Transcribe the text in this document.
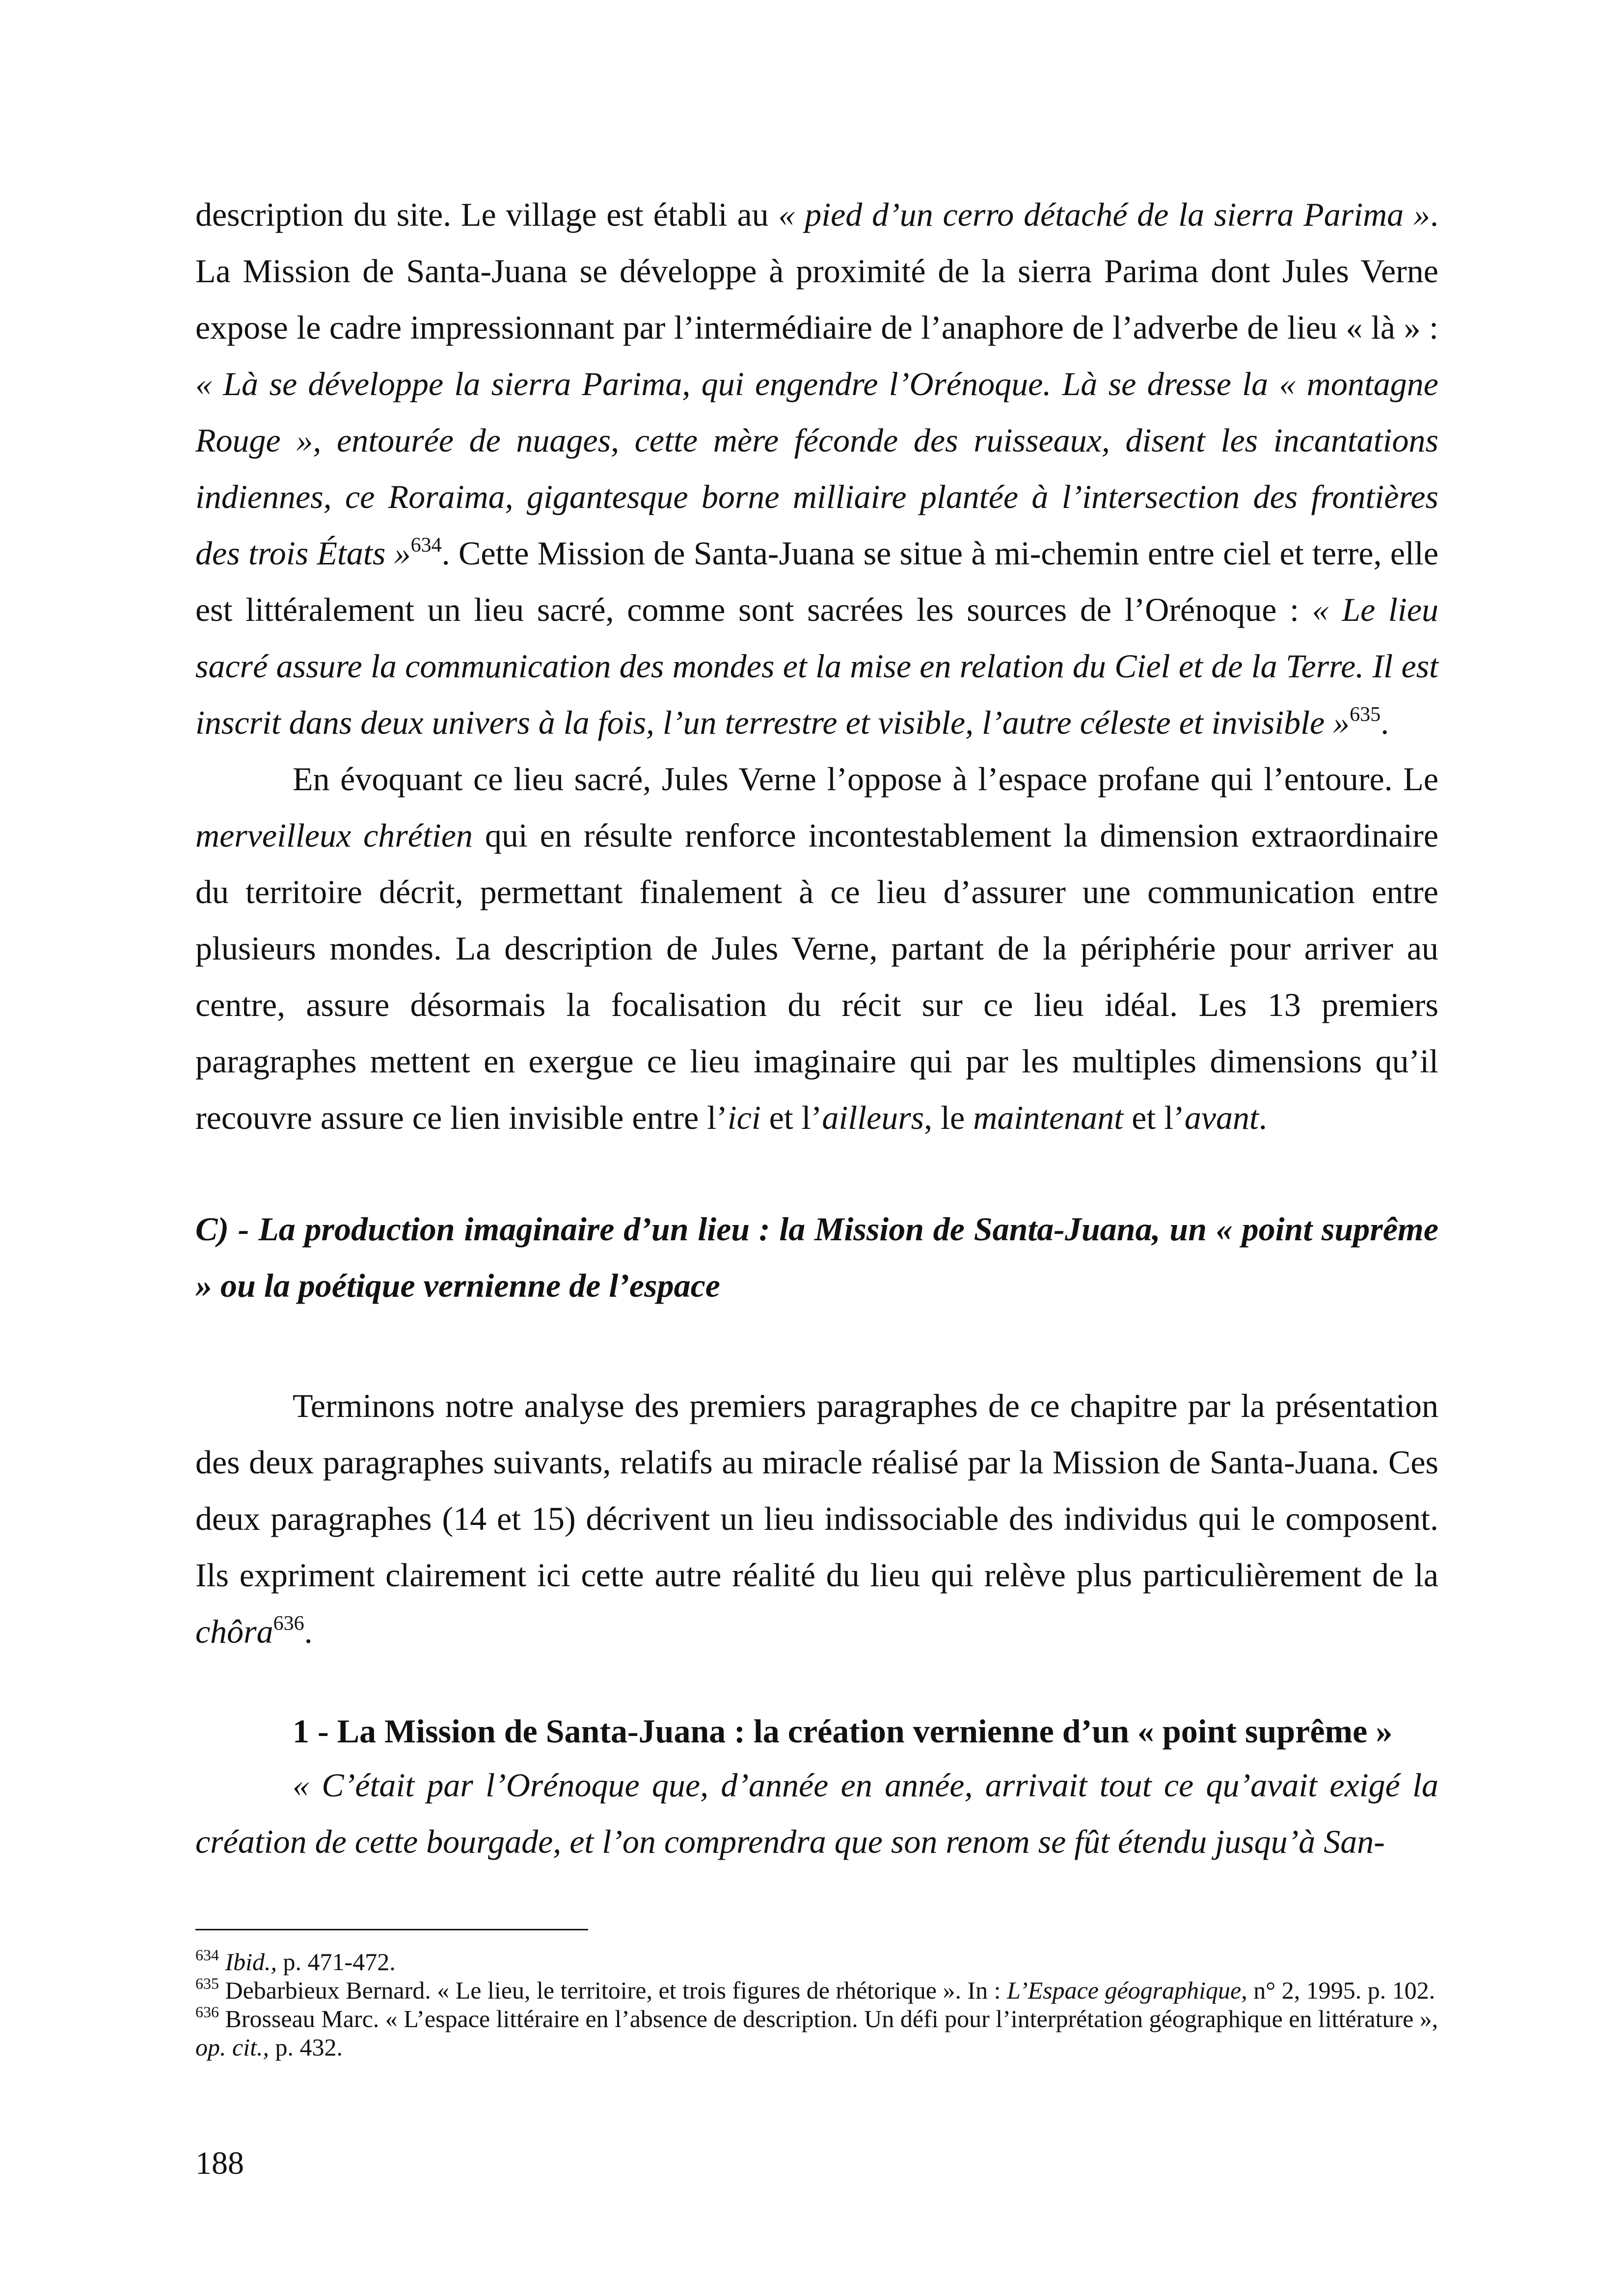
description du site. Le village est établi au « pied d’un cerro détaché de la sierra Parima ». La Mission de Santa-Juana se développe à proximité de la sierra Parima dont Jules Verne expose le cadre impressionnant par l’intermédiaire de l’anaphore de l’adverbe de lieu « là » : « Là se développe la sierra Parima, qui engendre l’Orénoque. Là se dresse la « montagne Rouge », entourée de nuages, cette mère féconde des ruisseaux, disent les incantations indiennes, ce Roraima, gigantesque borne milliaire plantée à l’intersection des frontières des trois États »$^{634}$. Cette Mission de Santa-Juana se situe à mi-chemin entre ciel et terre, elle est littéralement un lieu sacré, comme sont sacrées les sources de l’Orénoque : « Le lieu sacré assure la communication des mondes et la mise en relation du Ciel et de la Terre. Il est inscrit dans deux univers à la fois, l’un terrestre et visible, l’autre céleste et invisible »$^{635}$.

En évoquant ce lieu sacré, Jules Verne l’oppose à l’espace profane qui l’entoure. Le merveilleux chrétien qui en résulte renforce incontestablement la dimension extraordinaire du territoire décrit, permettant finalement à ce lieu d’assurer une communication entre plusieurs mondes. La description de Jules Verne, partant de la périphérie pour arriver au centre, assure désormais la focalisation du récit sur ce lieu idéal. Les 13 premiers paragraphes mettent en exergue ce lieu imaginaire qui par les multiples dimensions qu’il recouvre assure ce lien invisible entre l’ici et l’ailleurs, le maintenant et l’avant.

C) - La production imaginaire d’un lieu : la Mission de Santa-Juana, un « point suprême » ou la poétique vernienne de l’espace

Terminons notre analyse des premiers paragraphes de ce chapitre par la présentation des deux paragraphes suivants, relatifs au miracle réalisé par la Mission de Santa-Juana. Ces deux paragraphes (14 et 15) décrivent un lieu indissociable des individus qui le composent. Ils expriment clairement ici cette autre réalité du lieu qui relève plus particulièrement de la chôra$^{636}$.

1 - La Mission de Santa-Juana : la création vernienne d’un « point suprême »

« C’était par l’Orénoque que, d’année en année, arrivait tout ce qu’avait exigé la création de cette bourgade, et l’on comprendra que son renom se fût étendu jusqu’à San-

$^{634}$ Ibid., p. 471-472.

$^{635}$ Debarbieux Bernard. « Le lieu, le territoire, et trois figures de rhétorique ». In : L’Espace géographique, n° 2, 1995. p. 102.

$^{636}$ Brosseau Marc. « L’espace littéraire en l’absence de description. Un défi pour l’interprétation géographique en littérature », op. cit., p. 432.

188
